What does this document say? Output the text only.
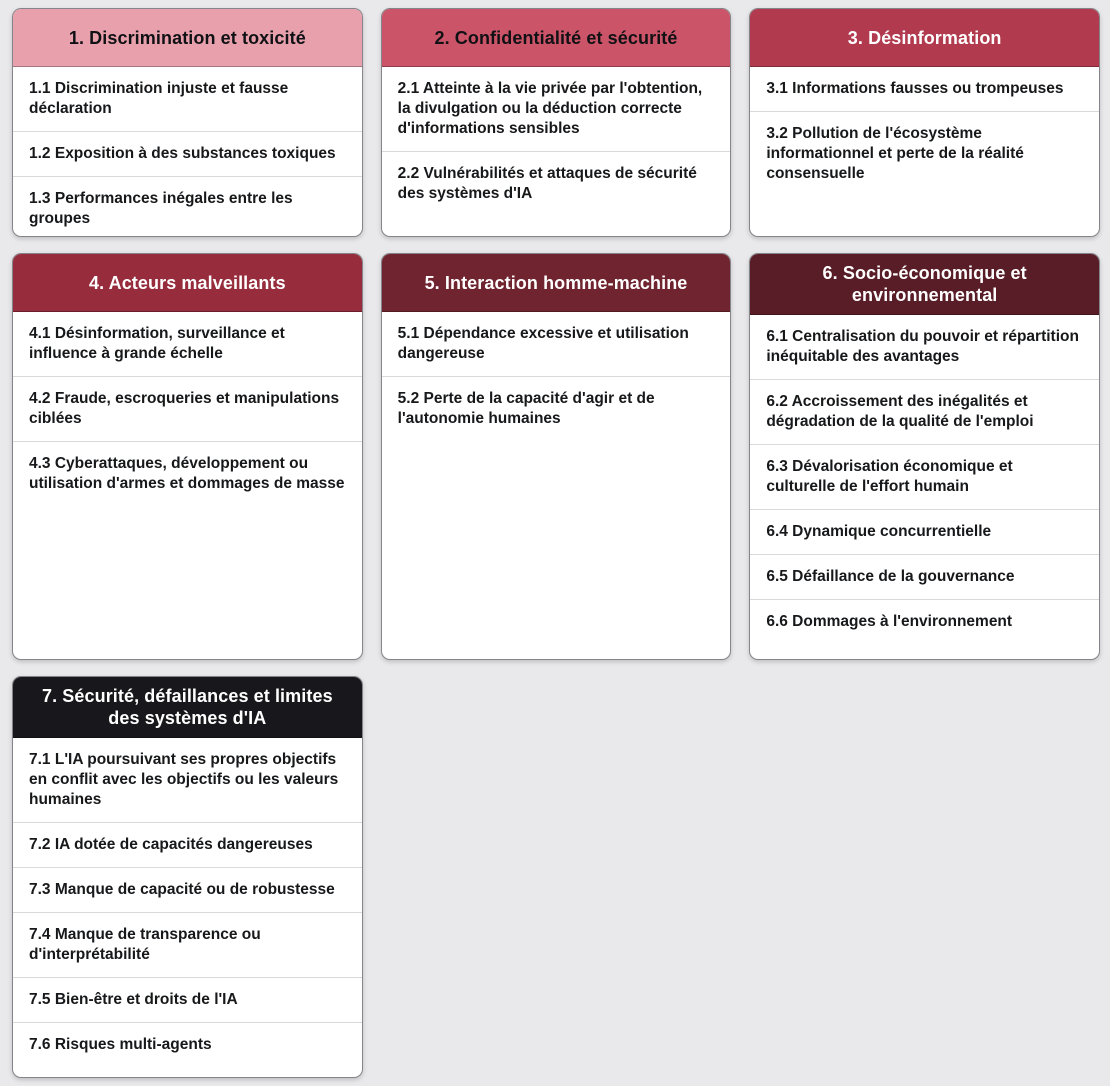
1. Discrimination et toxicité
1.1 Discrimination injuste et fausse déclaration
1.2 Exposition à des substances toxiques
1.3 Performances inégales entre les groupes
2. Confidentialité et sécurité
2.1 Atteinte à la vie privée par l'obtention, la divulgation ou la déduction correcte d'informations sensibles
2.2 Vulnérabilités et attaques de sécurité des systèmes d'IA
3. Désinformation
3.1 Informations fausses ou trompeuses
3.2 Pollution de l'écosystème informationnel et perte de la réalité consensuelle
4. Acteurs malveillants
4.1 Désinformation, surveillance et influence à grande échelle
4.2 Fraude, escroqueries et manipulations ciblées
4.3 Cyberattaques, développement ou utilisation d'armes et dommages de masse
5. Interaction homme-machine
5.1 Dépendance excessive et utilisation dangereuse
5.2 Perte de la capacité d'agir et de l'autonomie humaines
6. Socio-économique et environnemental
6.1 Centralisation du pouvoir et répartition inéquitable des avantages
6.2 Accroissement des inégalités et dégradation de la qualité de l'emploi
6.3 Dévalorisation économique et culturelle de l'effort humain
6.4 Dynamique concurrentielle
6.5 Défaillance de la gouvernance
6.6 Dommages à l'environnement
7. Sécurité, défaillances et limites des systèmes d'IA
7.1 L'IA poursuivant ses propres objectifs en conflit avec les objectifs ou les valeurs humaines
7.2 IA dotée de capacités dangereuses
7.3 Manque de capacité ou de robustesse
7.4 Manque de transparence ou d'interprétabilité
7.5 Bien-être et droits de l'IA
7.6 Risques multi-agents
